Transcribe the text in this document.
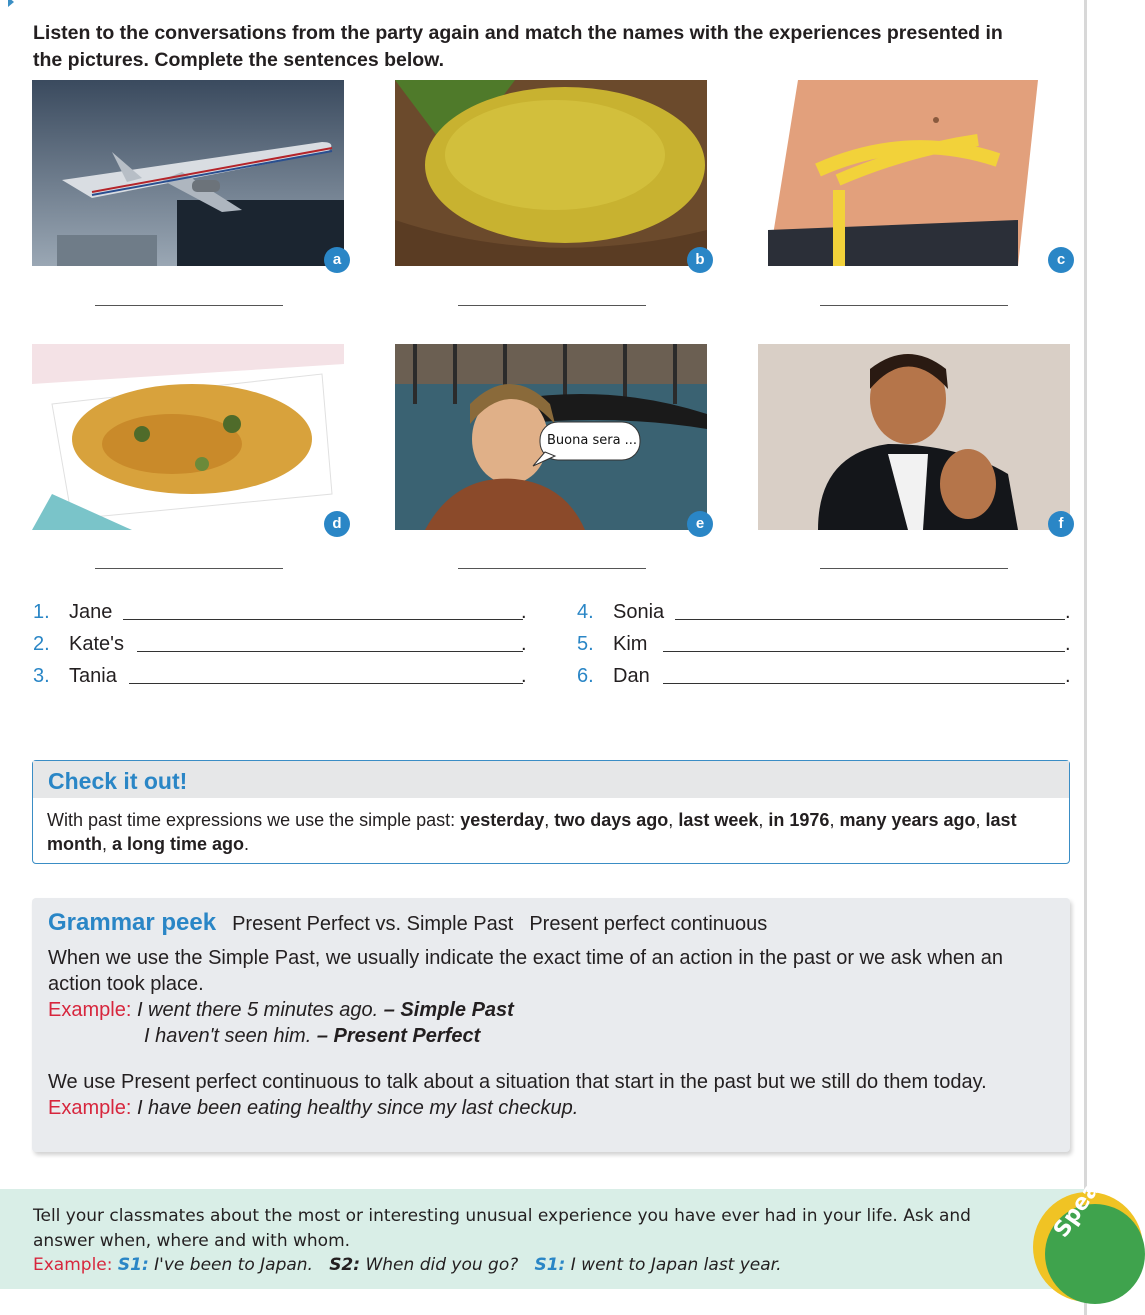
Listen to the conversations from the party again and match the names with the experiences presented in the pictures. Complete the sentences below.
a	b	c
d
Buona sera ...
e	f
1. Jane	.
2. Kate's	.
3. Tania	.
4. Sonia	.
5. Kim	.
6. Dan	.
Check it out!
With past time expressions we use the simple past: yesterday, two days ago, last week, in 1976, many years ago, last month, a long time ago.
Grammar peek Present Perfect vs. Simple Past Present perfect continuous
When we use the Simple Past, we usually indicate the exact time of an action in the past or we ask when an action took place.
Example: I went there 5 minutes ago. – Simple Past
I haven't seen him. – Present Perfect
We use Present perfect continuous to talk about a situation that start in the past but we still do them today.
Example: I have been eating healthy since my last checkup.
Tell your classmates about the most or interesting unusual experience you have ever had in your life. Ask and answer when, where and with whom.
Example: S1: I've been to Japan. S2: When did you go? S1: I went to Japan last year.
Speak
